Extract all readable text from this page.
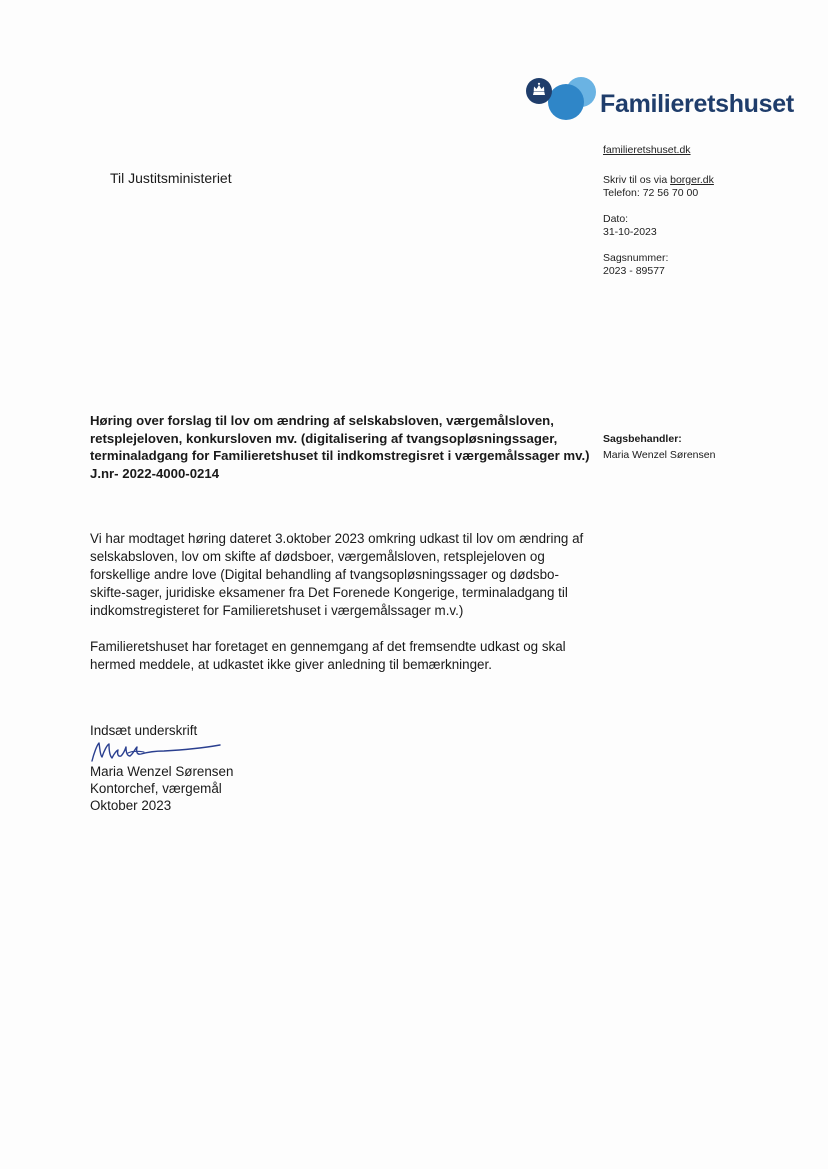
Familieretshuset
Til Justitsministeriet
familieretshuset.dk
Skriv til os via borger.dk
Telefon: 72 56 70 00
Dato:
31-10-2023
Sagsnummer:
2023 - 89577
Høring over forslag til lov om ændring af selskabsloven, værgemålsloven, retsplejeloven, konkursloven mv. (digitalisering af tvangsopløsningssager, terminaladgang for Familieretshuset til indkomstregisret i værgemålssager mv.) J.nr- 2022-4000-0214
Sagsbehandler:
Maria Wenzel Sørensen

Vi har modtaget høring dateret 3.oktober 2023 omkring udkast til lov om ændring af selskabsloven, lov om skifte af dødsboer, værgemålsloven, retsplejeloven og forskellige andre love (Digital behandling af tvangsopløsningssager og dødsbo-skifte-sager, juridiske eksamener fra Det Forenede Kongerige, terminaladgang til indkomstregisteret for Familieretshuset i værgemålssager m.v.)

Familieretshuset har foretaget en gennemgang af det fremsendte udkast og skal hermed meddele, at udkastet ikke giver anledning til bemærkninger.

Indsæt underskrift
Maria Wenzel Sørensen
Kontorchef, værgemål
Oktober 2023
